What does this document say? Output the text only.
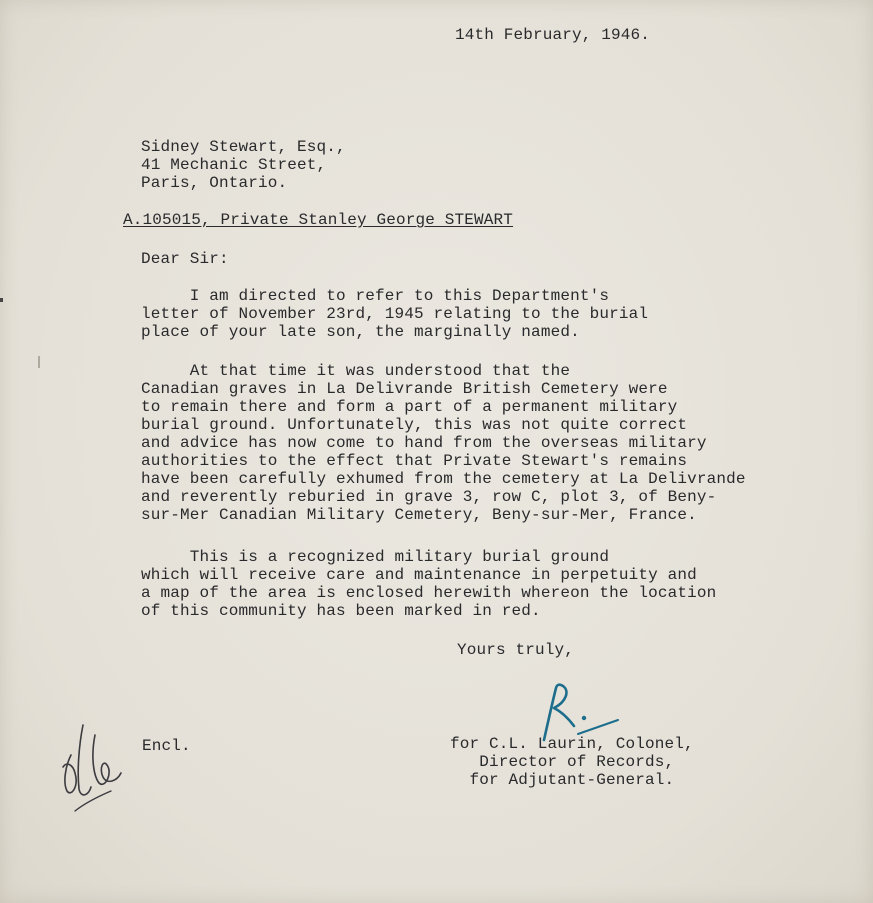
14th February, 1946.
Sidney Stewart, Esq.,
41 Mechanic Street,
Paris, Ontario.
A.105015, Private Stanley George STEWART
Dear Sir:
I am directed to refer to this Department's
letter of November 23rd, 1945 relating to the burial
place of your late son, the marginally named.
At that time it was understood that the
Canadian graves in La Delivrande British Cemetery were
to remain there and form a part of a permanent military
burial ground. Unfortunately, this was not quite correct
and advice has now come to hand from the overseas military
authorities to the effect that Private Stewart's remains
have been carefully exhumed from the cemetery at La Delivrande
and reverently reburied in grave 3, row C, plot 3, of Beny-
sur-Mer Canadian Military Cemetery, Beny-sur-Mer, France.
This is a recognized military burial ground
which will receive care and maintenance in perpetuity and
a map of the area is enclosed herewith whereon the location
of this community has been marked in red.
Yours truly,
Encl.	for C.L. Laurin, Colonel,
Director of Records,
for Adjutant-General.
